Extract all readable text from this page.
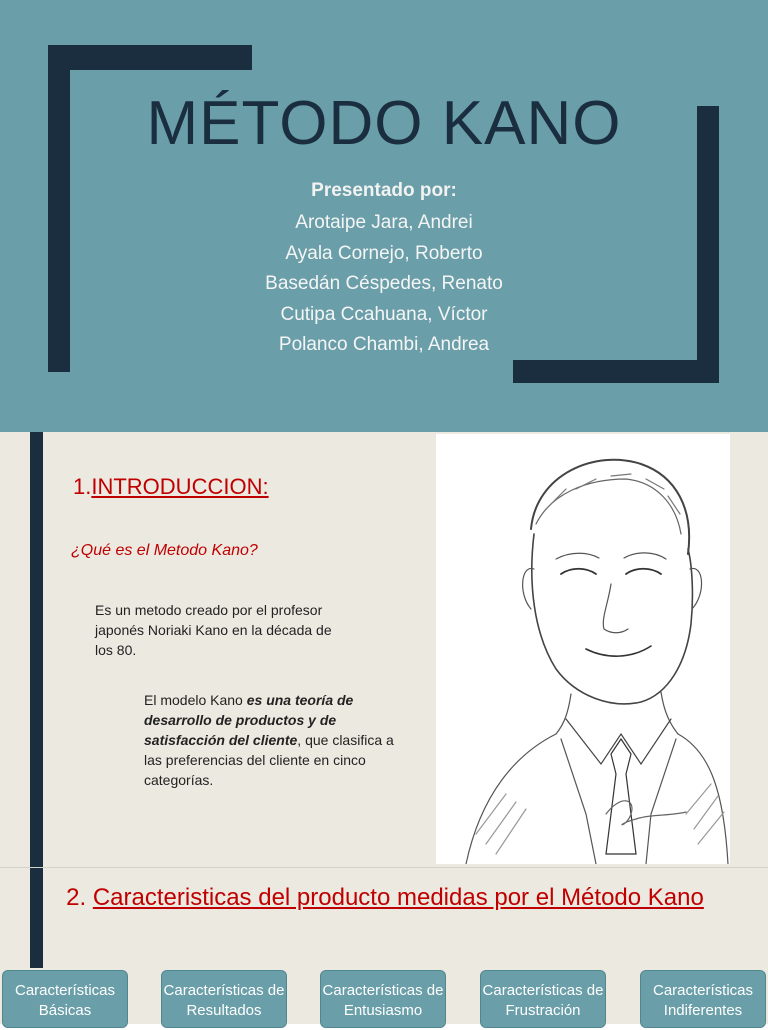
MÉTODO KANO
Presentado por:
Arotaipe Jara, Andrei
Ayala Cornejo, Roberto
Basedán Céspedes, Renato
Cutipa Ccahuana, Víctor
Polanco Chambi, Andrea
1.INTRODUCCION:
¿Qué es el Metodo Kano?
Es un metodo creado por el profesor japonés Noriaki Kano en la década de los 80.
El modelo Kano es una teoría de desarrollo de productos y de satisfacción del cliente, que clasifica a las preferencias del cliente en cinco categorías.
2. Caracteristicas del producto medidas por el Método Kano
Características Básicas
Características de Resultados
Características de Entusiasmo
Características de Frustración
Características Indiferentes
